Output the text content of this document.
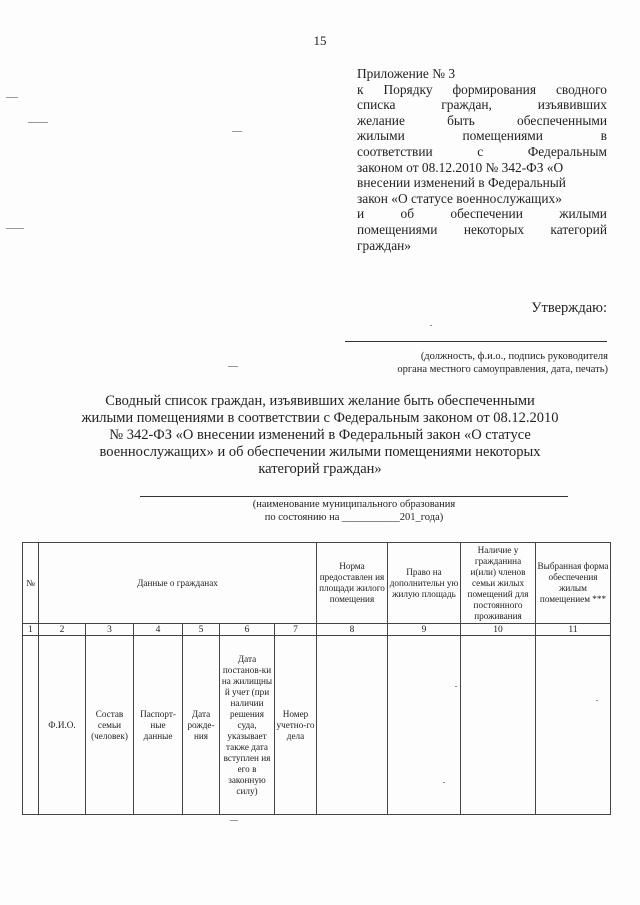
15
Приложение № 3
к Порядку формирования сводного
списка	граждан,	изъявивших
желание	быть	обеспеченными
жилыми	помещениями	в
соответствии	с	Федеральным
законом от 08.12.2010 № 342-ФЗ «О
внесении изменений в Федеральный
закон «О статусе военнослужащих»
и	об	обеспечении	жилыми
помещениями некоторых категорий
граждан»
Утверждаю:
(должность, ф.и.о., подпись руководителя
органа местного самоуправления, дата, печать)
Сводный список граждан, изъявивших желание быть обеспеченными
жилыми помещениями в соответствии с Федеральным законом от 08.12.2010
№ 342-ФЗ «О внесении изменений в Федеральный закон «О статусе
военнослужащих» и об обеспечении жилыми помещениями некоторых
категорий граждан»
(наименование муниципального образования
по состоянию на ___________201_года)
№	Данные о гражданах						Норма предоставлен ия площади жилого помещения	Право на дополнительн ую жилую площадь	Наличие у гражданина и(или) членов семьи жилых помещений для постоянного проживания	Выбранная форма обеспечения жилым помещением ***
1	2	3	4	5	6	7	8	9	10	11

	Ф.И.О.	Состав семьи (человек)	Паспорт-ные данные	Дата рожде-ния	Дата постанов-ки на жилищны й учет (при наличии решения суда, указывает также дата вступлен ия его в законную силу)	Номер учетно-го дела				
